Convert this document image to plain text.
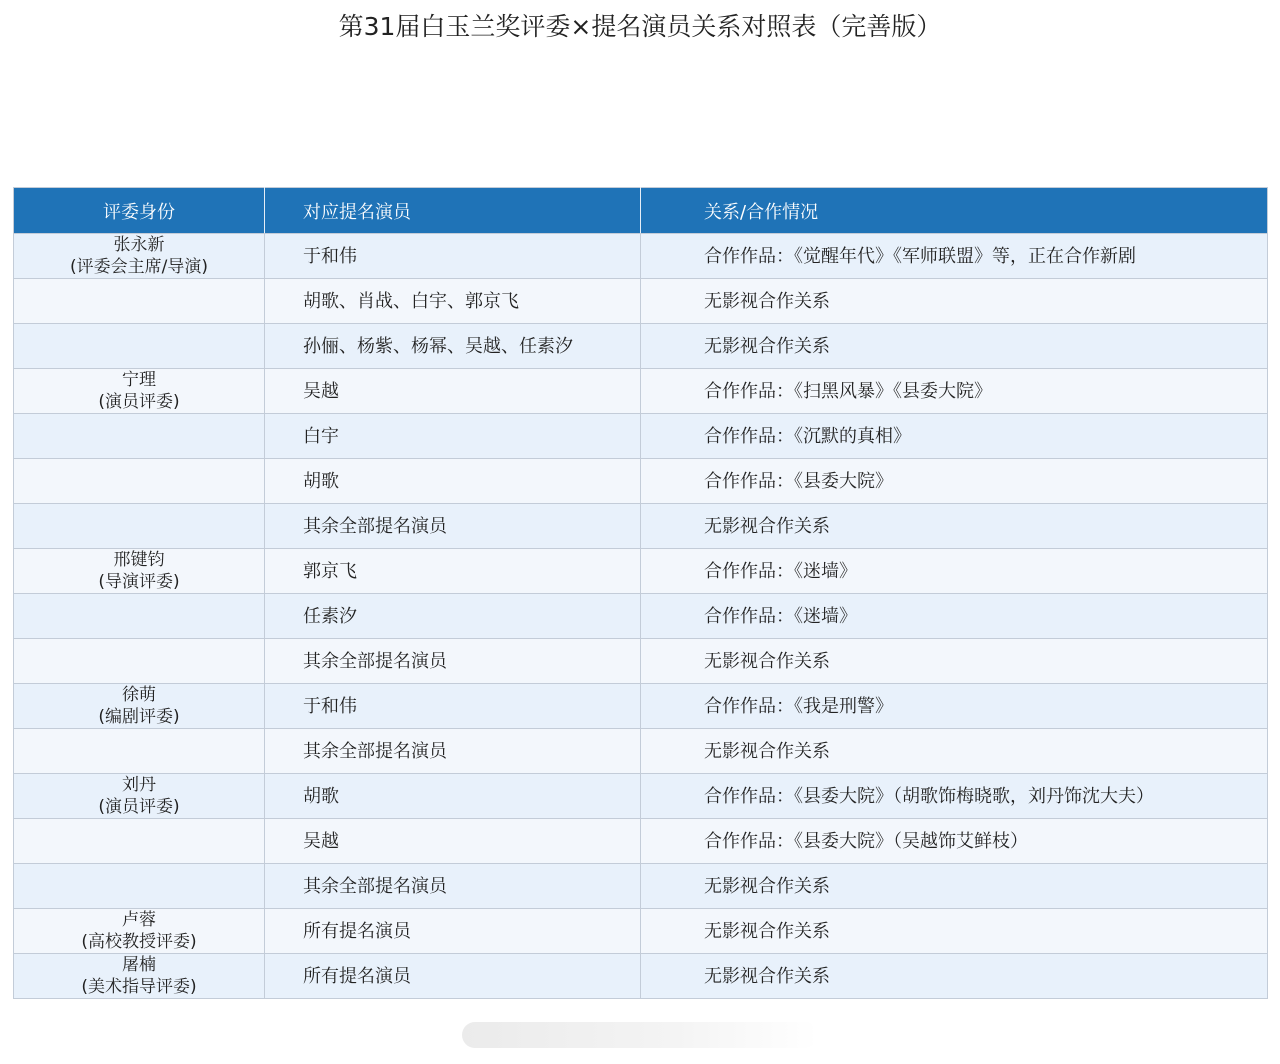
第31届白玉兰奖评委×提名演员关系对照表（完善版）
评委身份	对应提名演员	关系/合作情况

张永新
(评委会主席/导演)	于和伟	合作作品：《觉醒年代》《军师联盟》等，正在合作新剧
	胡歌、肖战、白宇、郭京飞	无影视合作关系
	孙俪、杨紫、杨幂、吴越、任素汐	无影视合作关系

宁理
(演员评委)	吴越	合作作品：《扫黑风暴》《县委大院》
	白宇	合作作品：《沉默的真相》
	胡歌	合作作品：《县委大院》
	其余全部提名演员	无影视合作关系

邢键钧
(导演评委)	郭京飞	合作作品：《迷墙》
	任素汐	合作作品：《迷墙》
	其余全部提名演员	无影视合作关系

徐萌
(编剧评委)	于和伟	合作作品：《我是刑警》
	其余全部提名演员	无影视合作关系

刘丹
(演员评委)	胡歌	合作作品：《县委大院》（胡歌饰梅晓歌，刘丹饰沈大夫）
	吴越	合作作品：《县委大院》（吴越饰艾鲜枝）
	其余全部提名演员	无影视合作关系

卢蓉
(高校教授评委)	所有提名演员	无影视合作关系

屠楠
(美术指导评委)	所有提名演员	无影视合作关系
